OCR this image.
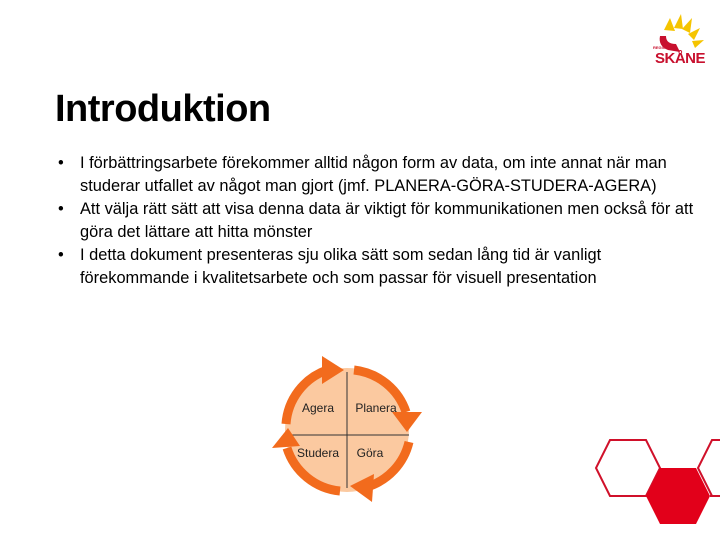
REGION
SKÅNE
Introduktion
• I förbättringsarbete förekommer alltid någon form av data, om inte annat när man studerar utfallet av något man gjort (jmf. PLANERA-GÖRA-STUDERA-AGERA)
• Att välja rätt sätt att visa denna data är viktigt för kommunikationen men också för att göra det lättare att hitta mönster
• I detta dokument presenteras sju olika sätt som sedan lång tid är vanligt förekommande i kvalitetsarbete och som passar för visuell presentation
Agera Planera
Studera Göra
